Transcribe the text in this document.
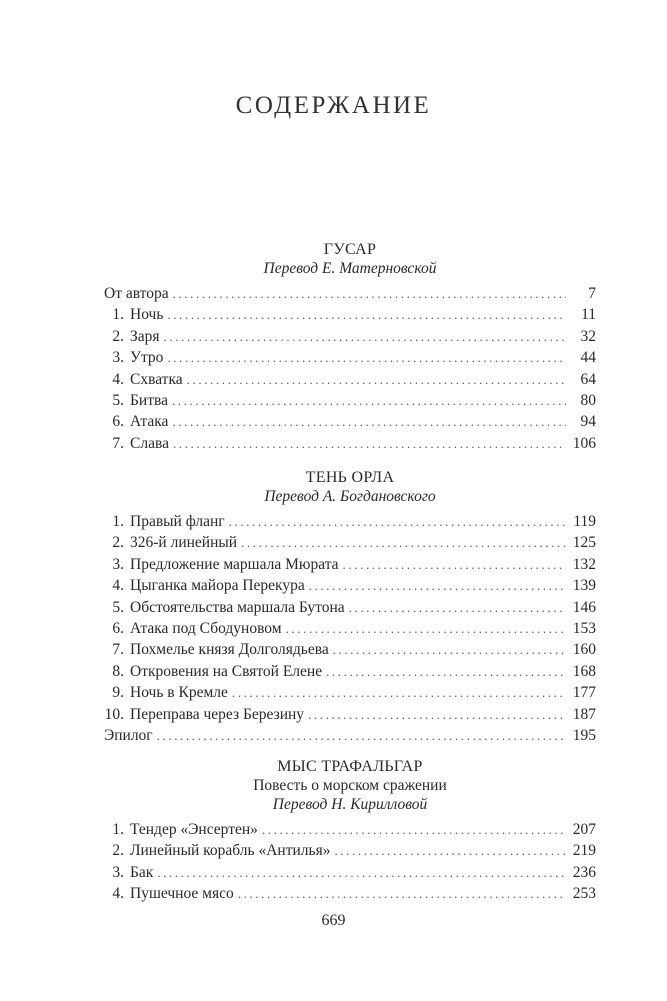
СОДЕРЖАНИЕ
ГУСАР
Перевод Е. Матерновской
От автора .....	7
1. Ночь .....	11
2. Заря .....	32
3. Утро .....	44
4. Схватка .....	64
5. Битва .....	80
6. Атака .....	94
7. Слава .....	106
ТЕНЬ ОРЛА
Перевод А. Богдановского
1. Правый фланг .....	119
2. 326-й линейный .....	125
3. Предложение маршала Мюрата .....	132
4. Цыганка майора Перекура .....	139
5. Обстоятельства маршала Бутона .....	146
6. Атака под Сбодуновом .....	153
7. Похмелье князя Долголядьева .....	160
8. Откровения на Святой Елене .....	168
9. Ночь в Кремле .....	177
10. Переправа через Березину .....	187
Эпилог .....	195
МЫС ТРАФАЛЬГАР
Повесть о морском сражении
Перевод Н. Кирилловой
1. Тендер «Энсертен» .....	207
2. Линейный корабль «Антилья» .....	219
3. Бак .....	236
4. Пушечное мясо .....	253
669
